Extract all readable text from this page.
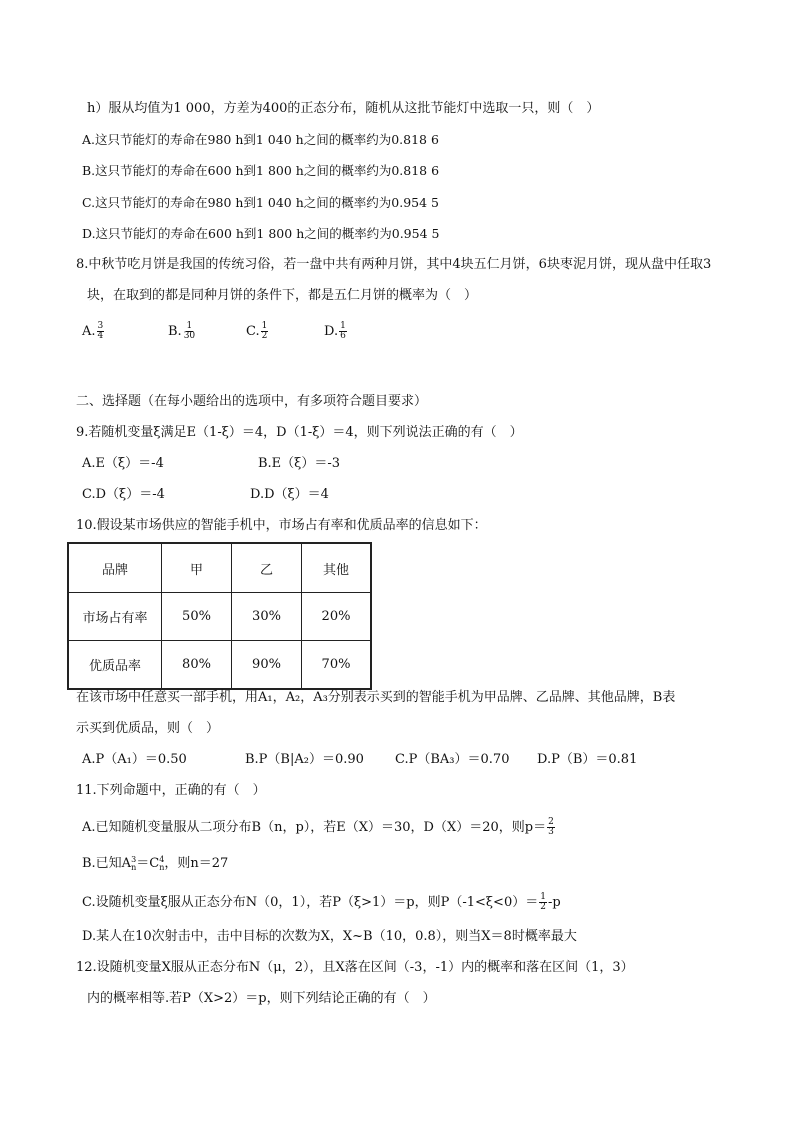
h）服从均值为1 000，方差为400的正态分布，随机从这批节能灯中选取一只，则（　）
A.这只节能灯的寿命在980 h到1 040 h之间的概率约为0.818 6
B.这只节能灯的寿命在600 h到1 800 h之间的概率约为0.818 6
C.这只节能灯的寿命在980 h到1 040 h之间的概率约为0.954 5
D.这只节能灯的寿命在600 h到1 800 h之间的概率约为0.954 5
8.中秋节吃月饼是我国的传统习俗，若一盘中共有两种月饼，其中4块五仁月饼，6块枣泥月饼，现从盘中任取3
块，在取到的都是同种月饼的条件下，都是五仁月饼的概率为（　）
A. $\frac{3}{4}$	B. $\frac{1}{30}$	C. $\frac{1}{2}$	D. $\frac{1}{6}$
二、选择题（在每小题给出的选项中，有多项符合题目要求）
9.若随机变量ξ满足E（1-ξ）＝4，D（1-ξ）＝4，则下列说法正确的有（　）
A.E（ξ）＝-4	B.E（ξ）＝-3
C.D（ξ）＝-4	D.D（ξ）＝4
10.假设某市场供应的智能手机中，市场占有率和优质品率的信息如下：
品牌	甲	乙	其他
市场占有率	50%	30%	20%
优质品率	80%	90%	70%
在该市场中任意买一部手机，用A₁，A₂，A₃分别表示买到的智能手机为甲品牌、乙品牌、其他品牌，B表
示买到优质品，则（　）
A.P（A₁）＝0.50	B.P（B|A₂）＝0.90 C.P（BA₃）＝0.70 D.P（B）＝0.81
11.下列命题中，正确的有（　）
A.已知随机变量服从二项分布B（n，p），若E（X）＝30，D（X）＝20，则$p= \frac{2}{3}$
B.已知A 3
n ＝C 4
n ，则n＝27
C.设随机变量ξ服从正态分布N（0，1），若P（ξ>1）＝p，则$P(-1<\xi<0)= \frac{1}{2} -p$
D.某人在10次射击中，击中目标的次数为X，X~B（10，0.8），则当X＝8时概率最大
12.设随机变量X服从正态分布N（μ，2），且X落在区间（-3，-1）内的概率和落在区间（1，3）
内的概率相等.若P（X>2）＝p，则下列结论正确的有（　）
